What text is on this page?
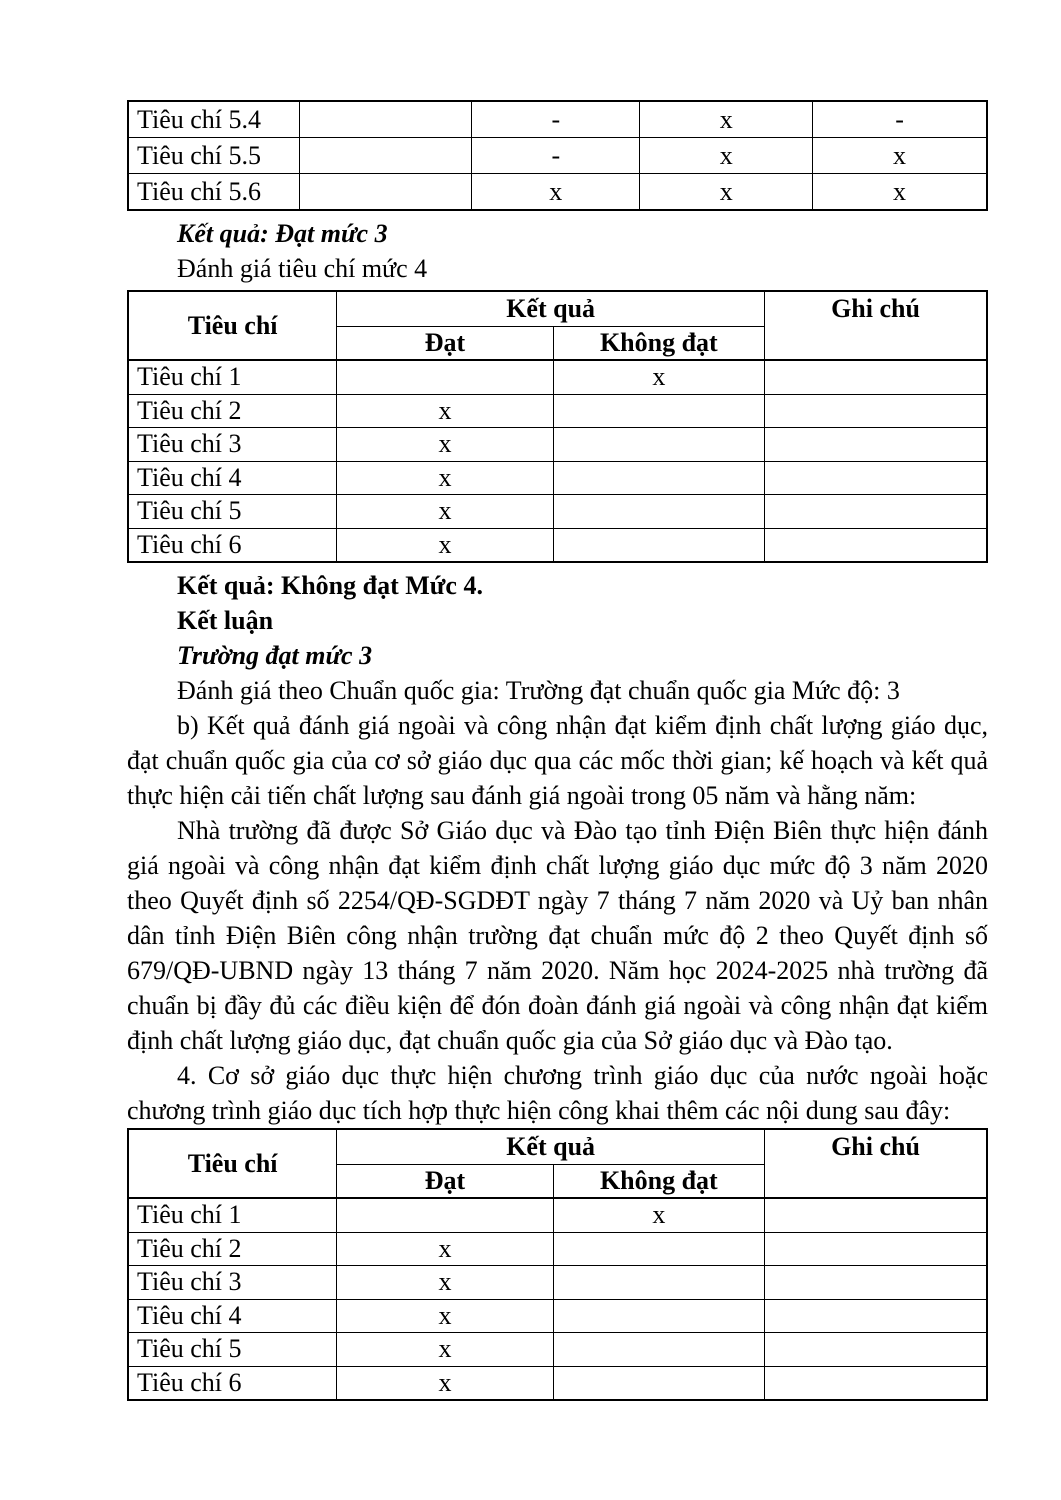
Tiêu chí 5.4		-	x	-
Tiêu chí 5.5		-	x	x
Tiêu chí 5.6		x	x	x

Kết quả: Đạt mức 3

Đánh giá tiêu chí mức 4

Tiêu chí	Kết quả		Ghi chú
	Đạt	Không đạt	
Tiêu chí 1		x	
Tiêu chí 2	x		
Tiêu chí 3	x		
Tiêu chí 4	x		
Tiêu chí 5	x		
Tiêu chí 6	x		

Kết quả: Không đạt Mức 4.

Kết luận

Trường đạt mức 3

Đánh giá theo Chuẩn quốc gia: Trường đạt chuẩn quốc gia Mức độ: 3

b) Kết quả đánh giá ngoài và công nhận đạt kiểm định chất lượng giáo dục, đạt chuẩn quốc gia của cơ sở giáo dục qua các mốc thời gian; kế hoạch và kết quả thực hiện cải tiến chất lượng sau đánh giá ngoài trong 05 năm và hằng năm:

Nhà trường đã được Sở Giáo dục và Đào tạo tỉnh Điện Biên thực hiện đánh giá ngoài và công nhận đạt kiểm định chất lượng giáo dục mức độ 3 năm 2020 theo Quyết định số 2254/QĐ-SGDĐT ngày 7 tháng 7 năm 2020 và Uỷ ban nhân dân tỉnh Điện Biên công nhận trường đạt chuẩn mức độ 2 theo Quyết định số 679/QĐ-UBND ngày 13 tháng 7 năm 2020. Năm học 2024-2025 nhà trường đã chuẩn bị đầy đủ các điều kiện để đón đoàn đánh giá ngoài và công nhận đạt kiểm định chất lượng giáo dục, đạt chuẩn quốc gia của Sở giáo dục và Đào tạo.

4. Cơ sở giáo dục thực hiện chương trình giáo dục của nước ngoài hoặc chương trình giáo dục tích hợp thực hiện công khai thêm các nội dung sau đây:

Tiêu chí	Kết quả		Ghi chú
	Đạt	Không đạt	
Tiêu chí 1		x	
Tiêu chí 2	x		
Tiêu chí 3	x		
Tiêu chí 4	x		
Tiêu chí 5	x		
Tiêu chí 6	x		
